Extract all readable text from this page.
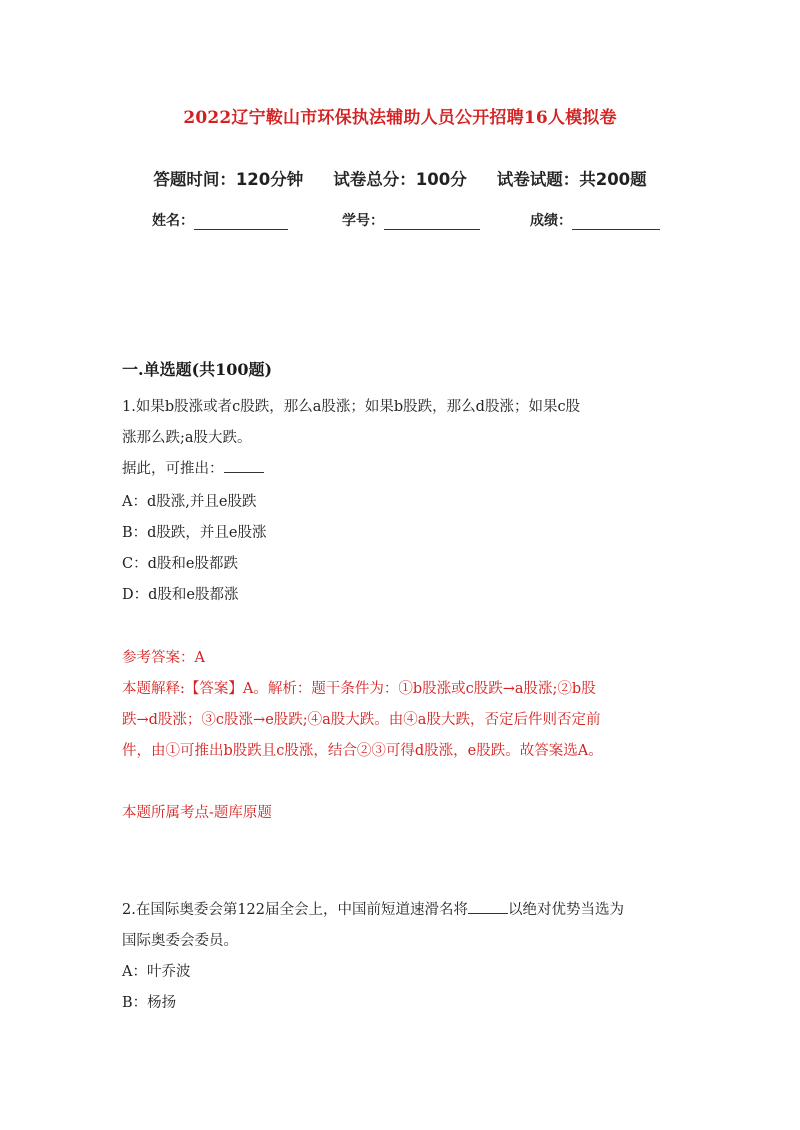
2022辽宁鞍山市环保执法辅助人员公开招聘16人模拟卷
答题时间：120分钟 试卷总分：100分 试卷试题：共200题
姓名：	学号：	成绩：
一.单选题(共100题)
1.如果b股涨或者c股跌，那么a股涨；如果b股跌，那么d股涨；如果c股
涨那么跌;a股大跌。
据此，可推出：
A：d股涨,并且e股跌
B：d股跌，并且e股涨
C：d股和e股都跌
D：d股和e股都涨
参考答案：A
本题解释:【答案】A。解析：题干条件为：①b股涨或c股跌→a股涨;②b股
跌→d股涨；③c股涨→e股跌;④a股大跌。由④a股大跌，否定后件则否定前
件，由①可推出b股跌且c股涨，结合②③可得d股涨，e股跌。故答案选A。
本题所属考点-题库原题
2.在国际奥委会第122届全会上，中国前短道速滑名将	以绝对优势当选为
国际奥委会委员。
A：叶乔波
B：杨扬
